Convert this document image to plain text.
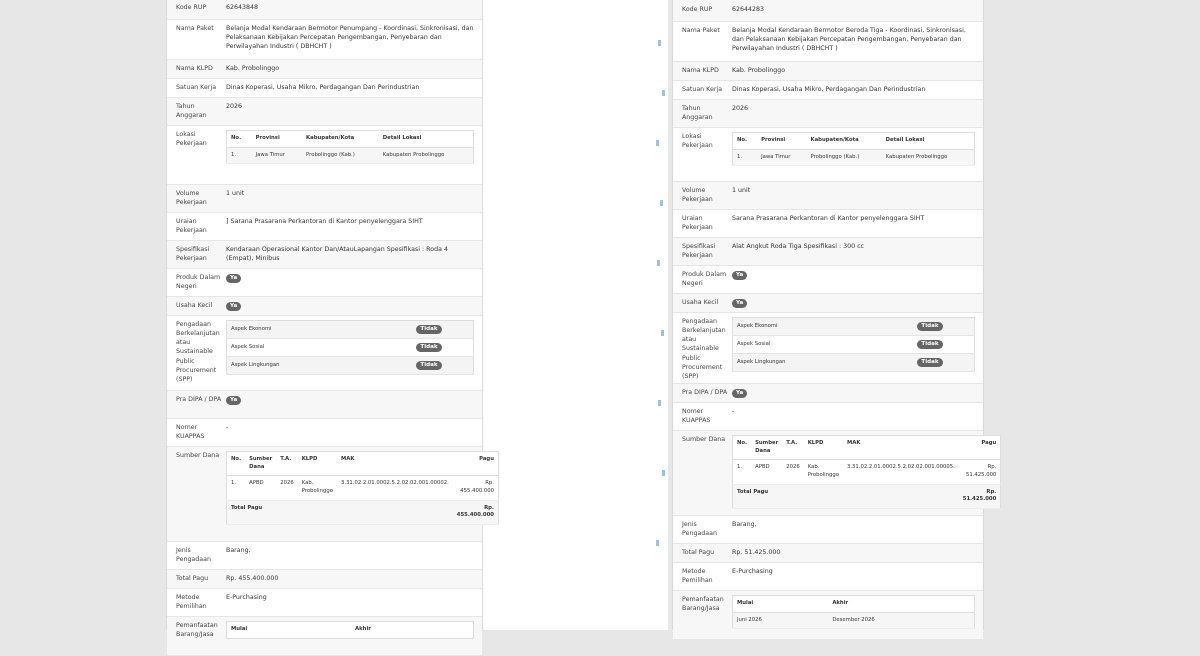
Kode RUP	62643848
Nama Paket	Belanja Modal Kendaraan Bermotor Penumpang - Koordinasi, Sinkronisasi, dan Pelaksanaan Kebijakan Percepatan Pengembangan, Penyebaran dan Perwilayahan Industri ( DBHCHT )
Nama KLPD	Kab. Probolinggo
Satuan Kerja	Dinas Koperasi, Usaha Mikro, Perdagangan Dan Perindustrian
Tahun Anggaran
2026
Lokasi Pekerjaan
No.	Provinsi	Kabupaten/Kota	Detail Lokasi
1.	Jawa Timur	Probolinggo (Kab.)	Kabupaten Probolinggo
Volume Pekerjaan
1 unit
Uraian Pekerjaan
] Sarana Prasarana Perkantoran di Kantor penyelenggara SIHT
Spesifikasi Pekerjaan
Kendaraan Operasional Kantor Dan/AtauLapangan Spesifikasi : Roda 4 (Empat), Minibus
Produk Dalam Negeri
Ya
Usaha Kecil	Ya
Pengadaan Berkelanjutan atau Sustainable Public Procurement (SPP)
Aspek Ekonomi	Tidak
Aspek Sosial	Tidak
Aspek Lingkungan	Tidak
Pra DIPA / DPA	Ya
Nomer KUAPPAS
-
Sumber Dana	No.	Sumber Dana	T.A.	KLPD	MAK	Pagu
1.	APBD	2026	Kab. Probolinggo	3.31.02.2.01.0002.5.2.02.02.001.00002.	Rp. 455.400.000
Total Pagu					Rp. 455.400.000
Jenis Pengadaan
Barang,
Total Pagu	Rp. 455.400.000
Metode Pemilihan
E-Purchasing
Pemanfaatan Barang/Jasa
Mulai	Akhir
Kode RUP	62644283
Nama Paket	Belanja Modal Kendaraan Bermotor Beroda Tiga - Koordinasi, Sinkronisasi, dan Pelaksanaan Kebijakan Percepatan Pengembangan, Penyebaran dan Perwilayahan Industri ( DBHCHT )
Nama KLPD	Kab. Probolinggo
Satuan Kerja	Dinas Koperasi, Usaha Mikro, Perdagangan Dan Perindustrian
Tahun Anggaran
2026
Lokasi Pekerjaan
No.	Provinsi	Kabupaten/Kota	Detail Lokasi
1.	Jawa Timur	Probolinggo (Kab.)	Kabupaten Probolinggo
Volume Pekerjaan
1 unit
Uraian Pekerjaan
Sarana Prasarana Perkantoran di Kantor penyelenggara SIHT
Spesifikasi Pekerjaan
Alat Angkut Roda Tiga Spesifikasi : 300 cc
Produk Dalam Negeri
Ya
Usaha Kecil	Ya
Pengadaan Berkelanjutan atau Sustainable Public Procurement (SPP)
Aspek Ekonomi	Tidak
Aspek Sosial	Tidak
Aspek Lingkungan	Tidak
Pra DIPA / DPA	Ya
Nomer KUAPPAS
-
Sumber Dana	No.	Sumber Dana	T.A.	KLPD	MAK	Pagu
1.	APBD	2026	Kab. Probolinggo	3.31.02.2.01.0002.5.2.02.02.001.00005.	Rp. 51.425.000
Total Pagu					Rp. 51.425.000
Jenis Pengadaan
Barang,
Total Pagu	Rp. 51.425.000
Metode Pemilihan
E-Purchasing
Pemanfaatan Barang/Jasa
Mulai	Akhir
Juni 2026	Desember 2026
